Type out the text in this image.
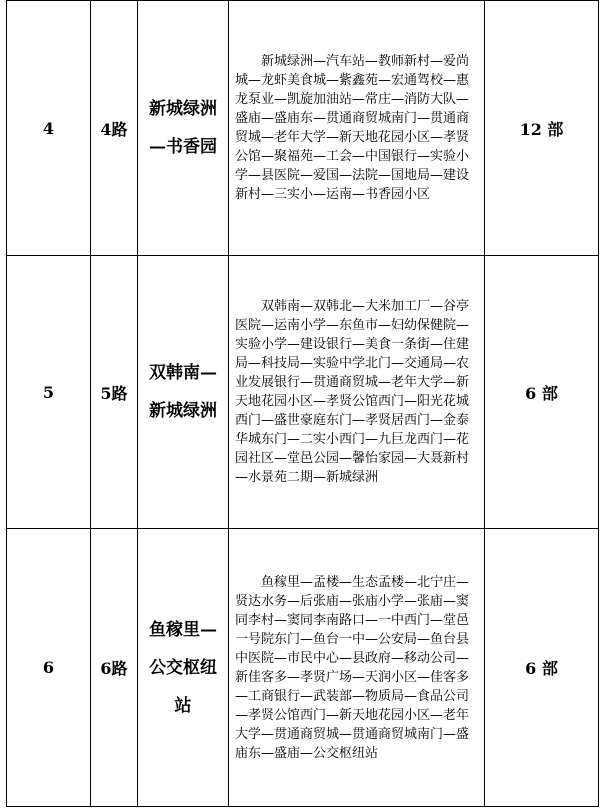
4	4路	新城绿洲—书香园	新城绿洲—汽车站—教师新村—爱尚城—龙虾美食城—紫鑫苑—宏通驾校—惠龙泵业—凯旋加油站—常庄—消防大队—盛庙—盛庙东—贯通商贸城南门—贯通商贸城—老年大学—新天地花园小区—孝贤公馆—聚福苑—工会—中国银行—实验小学—县医院—爱国—法院—国地局—建设新村—三实小—运南—书香园小区	12 部
5	5路	双韩南—新城绿洲	双韩南—双韩北—大米加工厂—谷亭医院—运南小学—东鱼市—妇幼保健院—实验小学—建设银行—美食一条街—住建局—科技局—实验中学北门—交通局—农业发展银行—贯通商贸城—老年大学—新天地花园小区—孝贤公馆西门—阳光花城西门—盛世豪庭东门—孝贤居西门—金泰华城东门—二实小西门—九巨龙西门—花园社区—堂邑公园—馨怡家园—大聂新村—水景苑二期—新城绿洲	6 部
6	6路	鱼稼里—公交枢纽站	鱼稼里—孟楼—生态孟楼—北宁庄—贤达水务—后张庙—张庙小学—张庙—窦同李村—窦同李南路口—一中西门—堂邑一号院东门—鱼台一中—公安局—鱼台县中医院—市民中心—县政府—移动公司—新佳客多—孝贤广场—天润小区—佳客多—工商银行—武装部—物质局—食品公司—孝贤公馆西门—新天地花园小区—老年大学—贯通商贸城—贯通商贸城南门—盛庙东—盛庙—公交枢纽站	6 部
